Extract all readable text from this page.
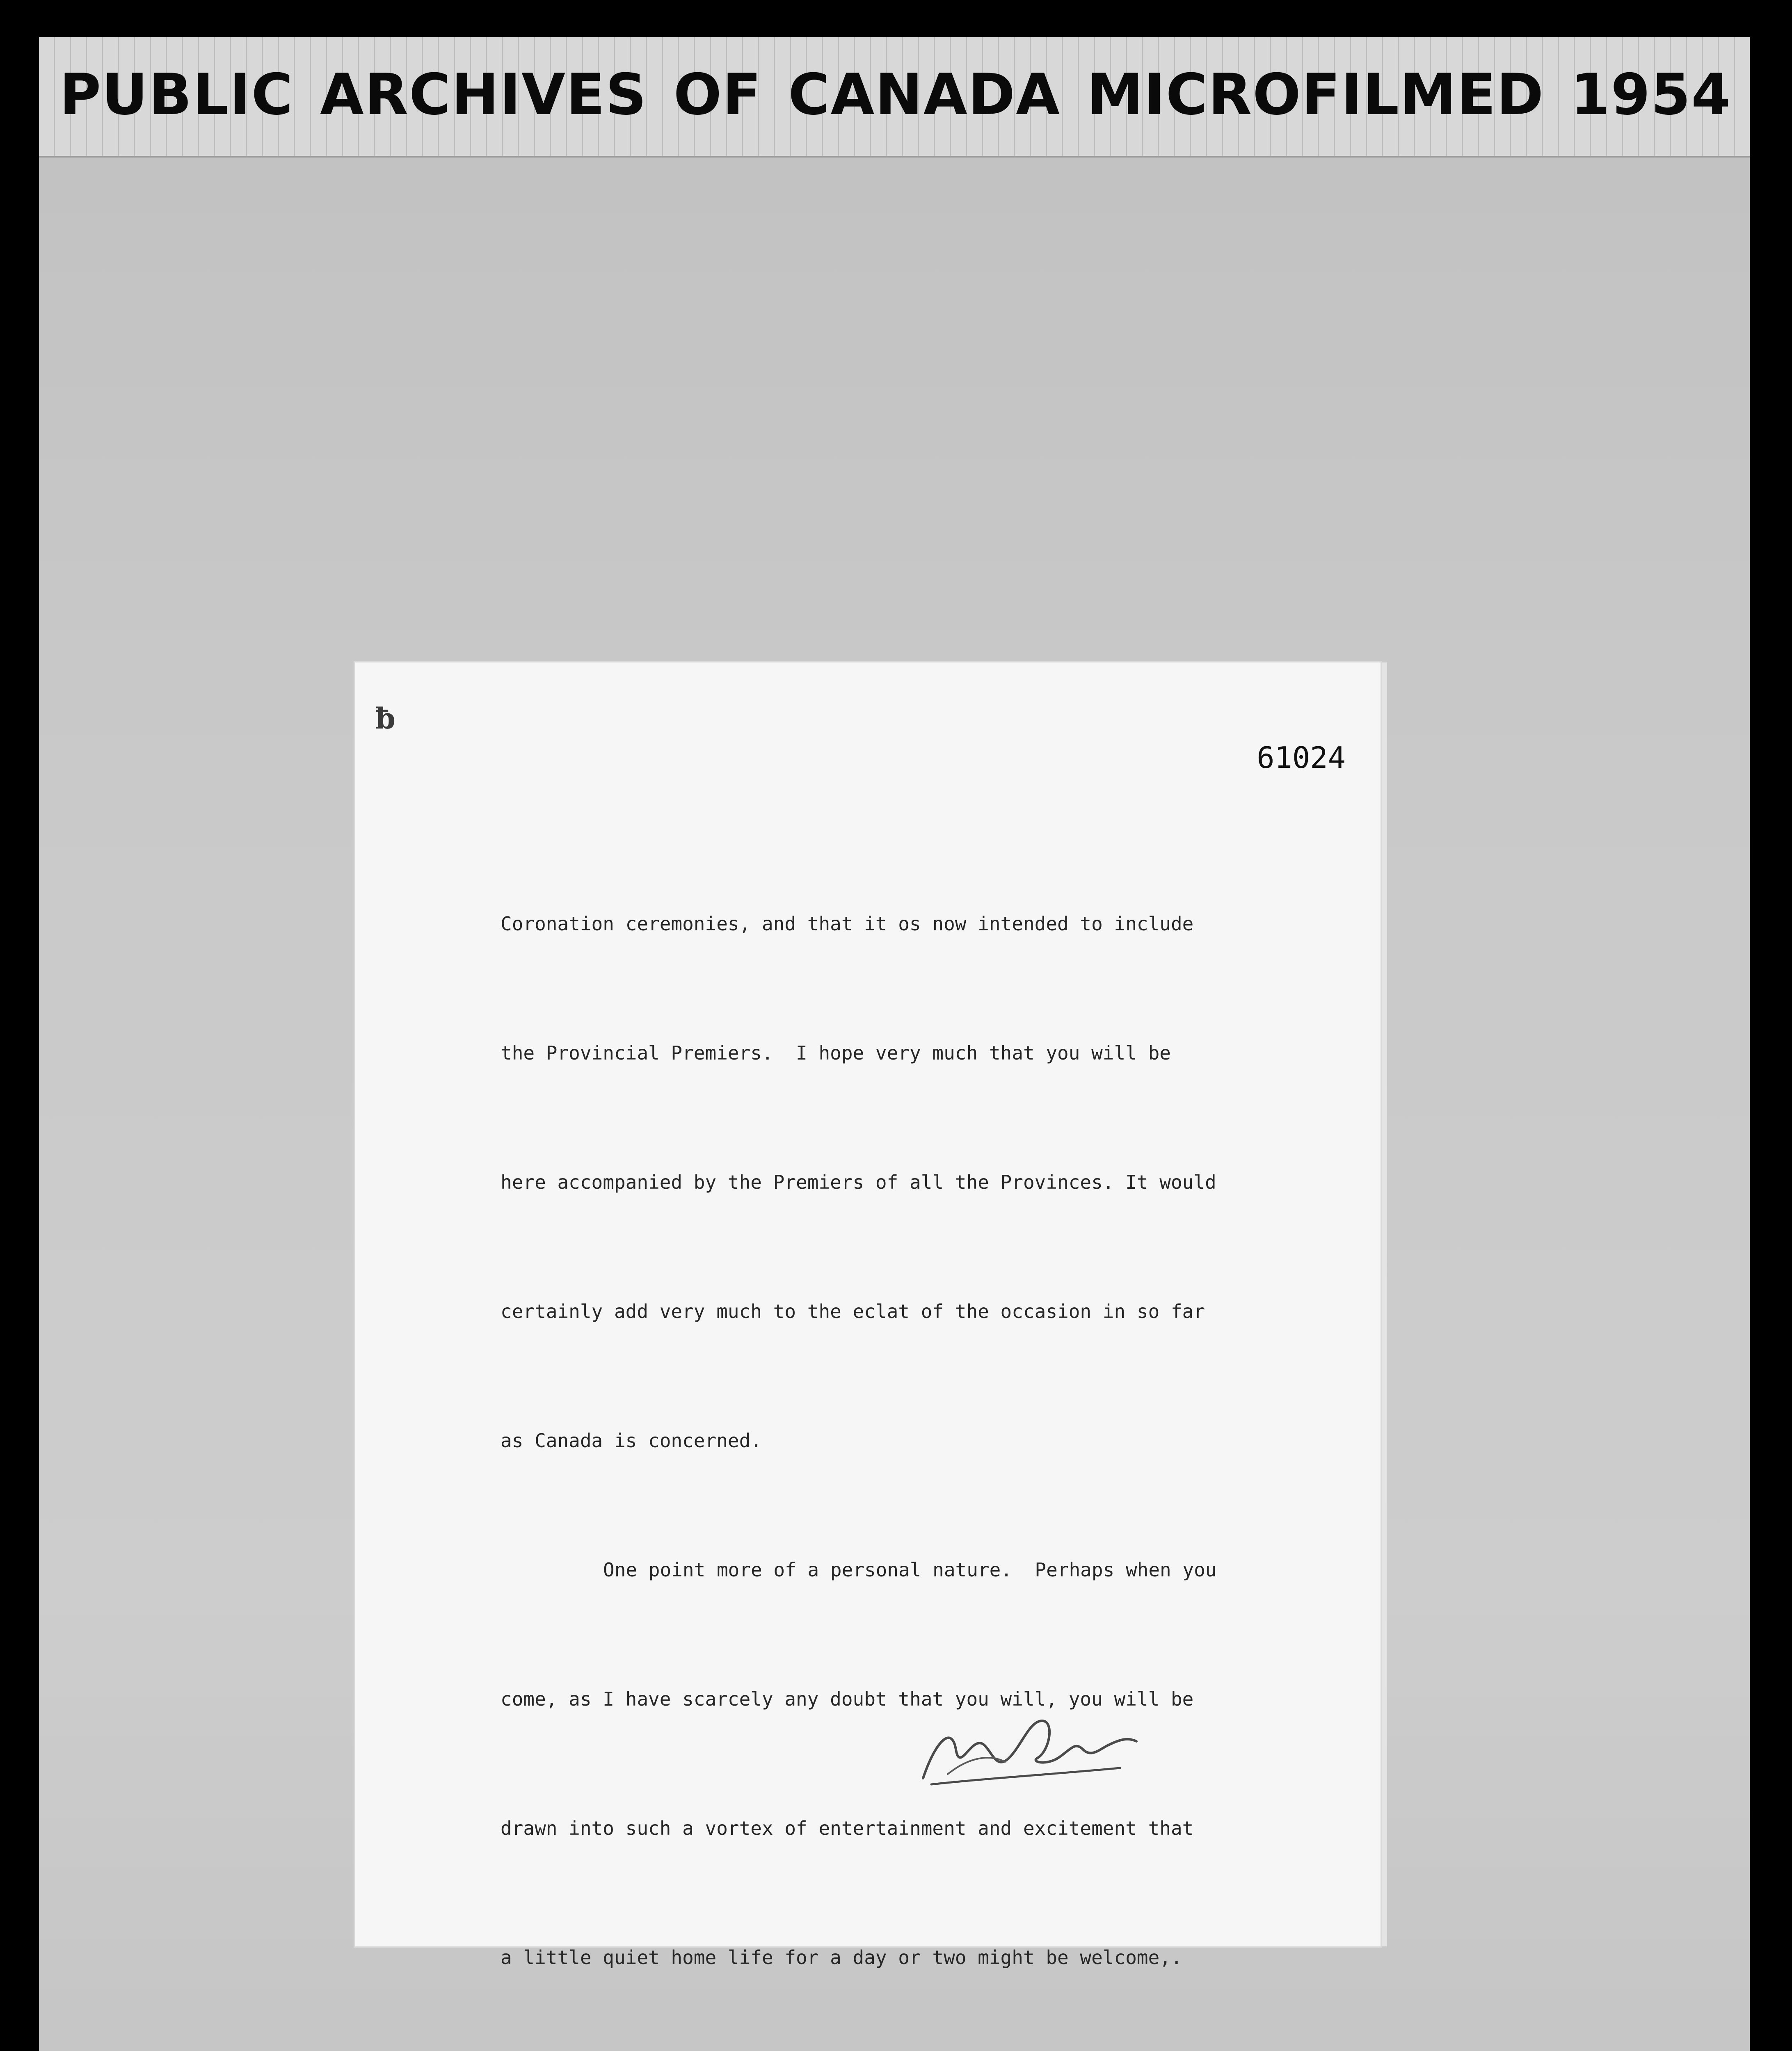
PUBLIC ARCHIVES OF CANADA MICROFILMED 1954
ƀ
61024

Coronation ceremonies, and that it os now intended to include

the Provincial Premiers.  I hope very much that you will be

here accompanied by the Premiers of all the Provinces. It would

certainly add very much to the eclat of the occasion in so far

as Canada is concerned.

One point more of a personal nature.  Perhaps when you

come, as I have scarcely any doubt that you will, you will be

drawn into such a vortex of entertainment and excitement that

a little quiet home life for a day or two might be welcome,.
